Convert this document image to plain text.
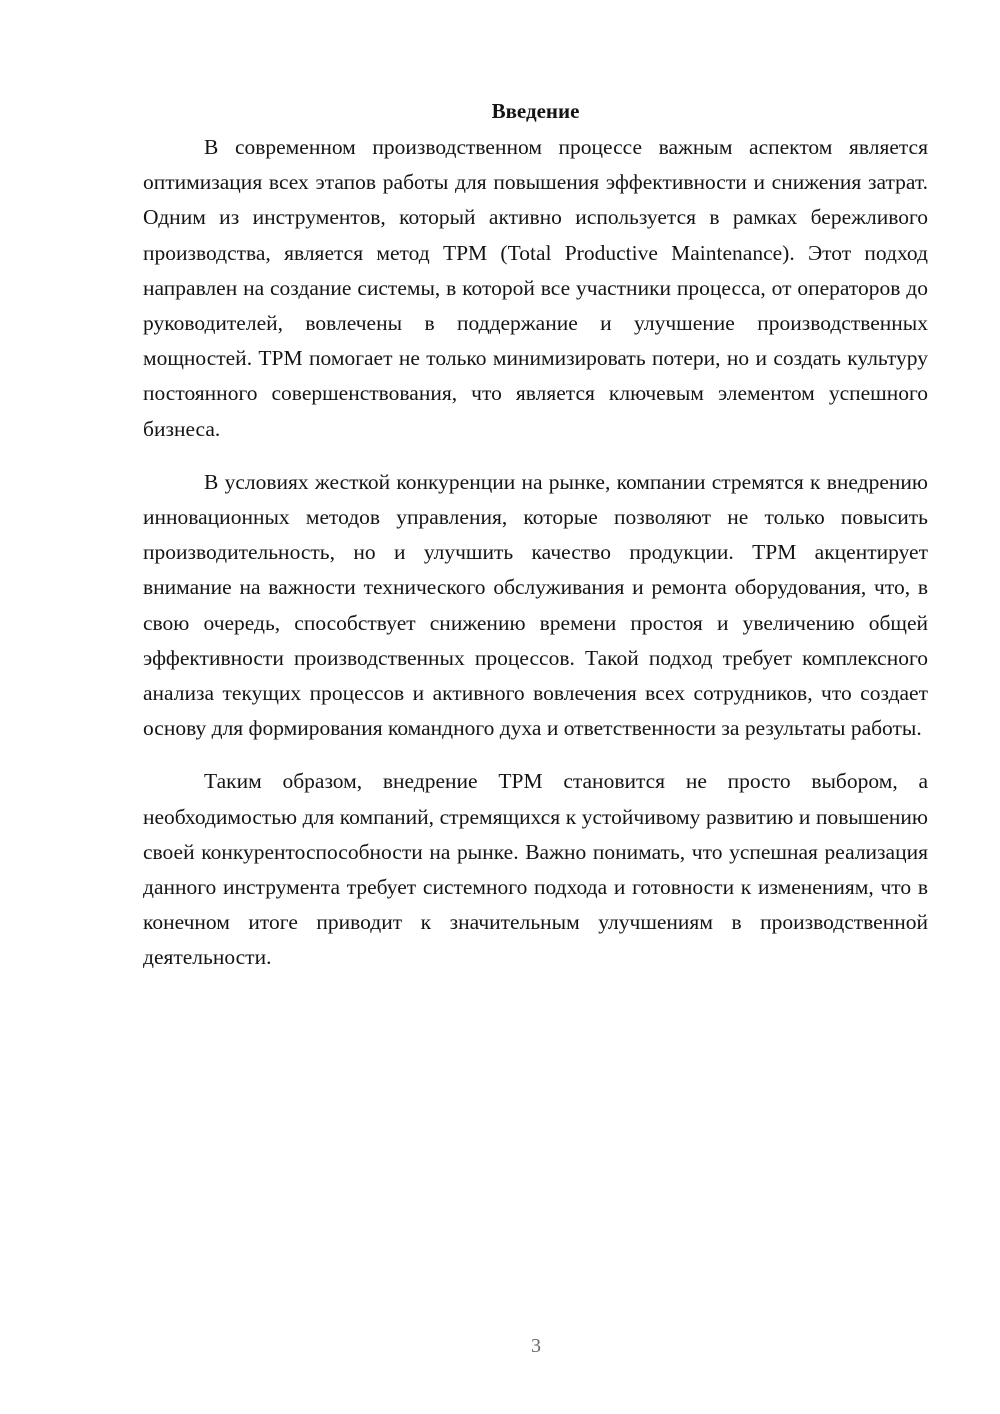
Введение

В современном производственном процессе важным аспектом является оптимизация всех этапов работы для повышения эффективности и снижения затрат. Одним из инструментов, который активно используется в рамках бережливого производства, является метод TPM (Total Productive Maintenance). Этот подход направлен на создание системы, в которой все участники процесса, от операторов до руководителей, вовлечены в поддержание и улучшение производственных мощностей. TPM помогает не только минимизировать потери, но и создать культуру постоянного совершенствования, что является ключевым элементом успешного бизнеса.

В условиях жесткой конкуренции на рынке, компании стремятся к внедрению инновационных методов управления, которые позволяют не только повысить производительность, но и улучшить качество продукции. TPM акцентирует внимание на важности технического обслуживания и ремонта оборудования, что, в свою очередь, способствует снижению времени простоя и увеличению общей эффективности производственных процессов. Такой подход требует комплексного анализа текущих процессов и активного вовлечения всех сотрудников, что создает основу для формирования командного духа и ответственности за результаты работы.

Таким образом, внедрение TPM становится не просто выбором, а необходимостью для компаний, стремящихся к устойчивому развитию и повышению своей конкурентоспособности на рынке. Важно понимать, что успешная реализация данного инструмента требует системного подхода и готовности к изменениям, что в конечном итоге приводит к значительным улучшениям в производственной деятельности.

3
